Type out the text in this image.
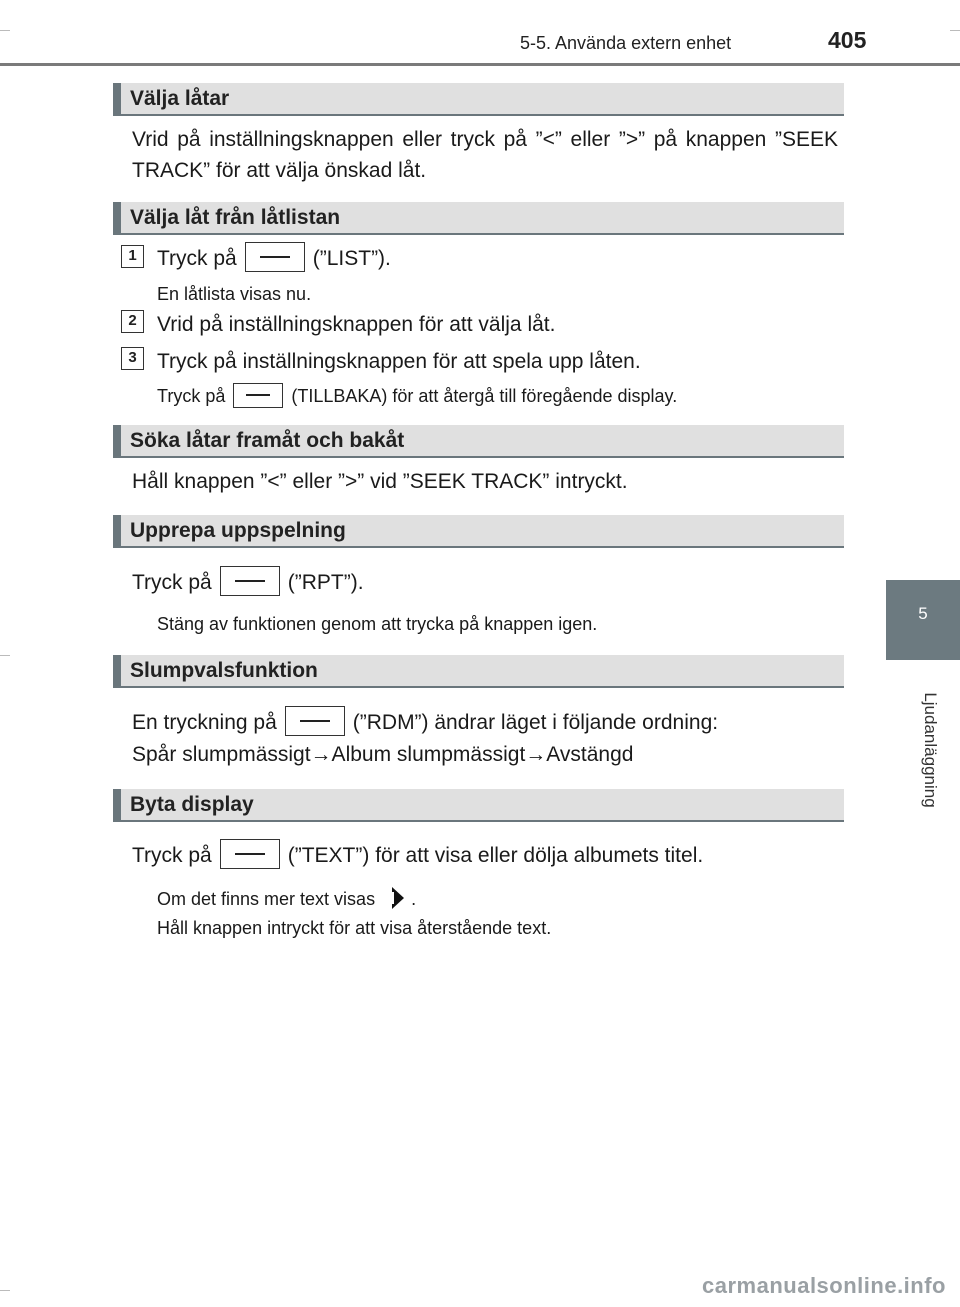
5-5. Använda extern enhet	405
5
Ljudanläggning
Välja låtar
Vrid på inställningsknappen eller tryck på ”<” eller ”>” på knappen ”SEEK TRACK” för att välja önskad låt.
Välja låt från låtlistan
1 Tryck på	(”LIST”).
En låtlista visas nu.
2 Vrid på inställningsknappen för att välja låt.
3 Tryck på inställningsknappen för att spela upp låten.
Tryck på	(TILLBAKA) för att återgå till föregående display.
Söka låtar framåt och bakåt
Håll knappen ”<” eller ”>” vid ”SEEK TRACK” intryckt.
Upprepa uppspelning
Tryck på	(”RPT”).
Stäng av funktionen genom att trycka på knappen igen.
Slumpvalsfunktion
En tryckning på	(”RDM”) ändrar läget i följande ordning:
Spår slumpmässigt→Album slumpmässigt→Avstängd
Byta display
Tryck på	(”TEXT”) för att visa eller dölja albumets titel.
Om det finns mer text visas .
Håll knappen intryckt för att visa återstående text.
carmanualsonline.info
